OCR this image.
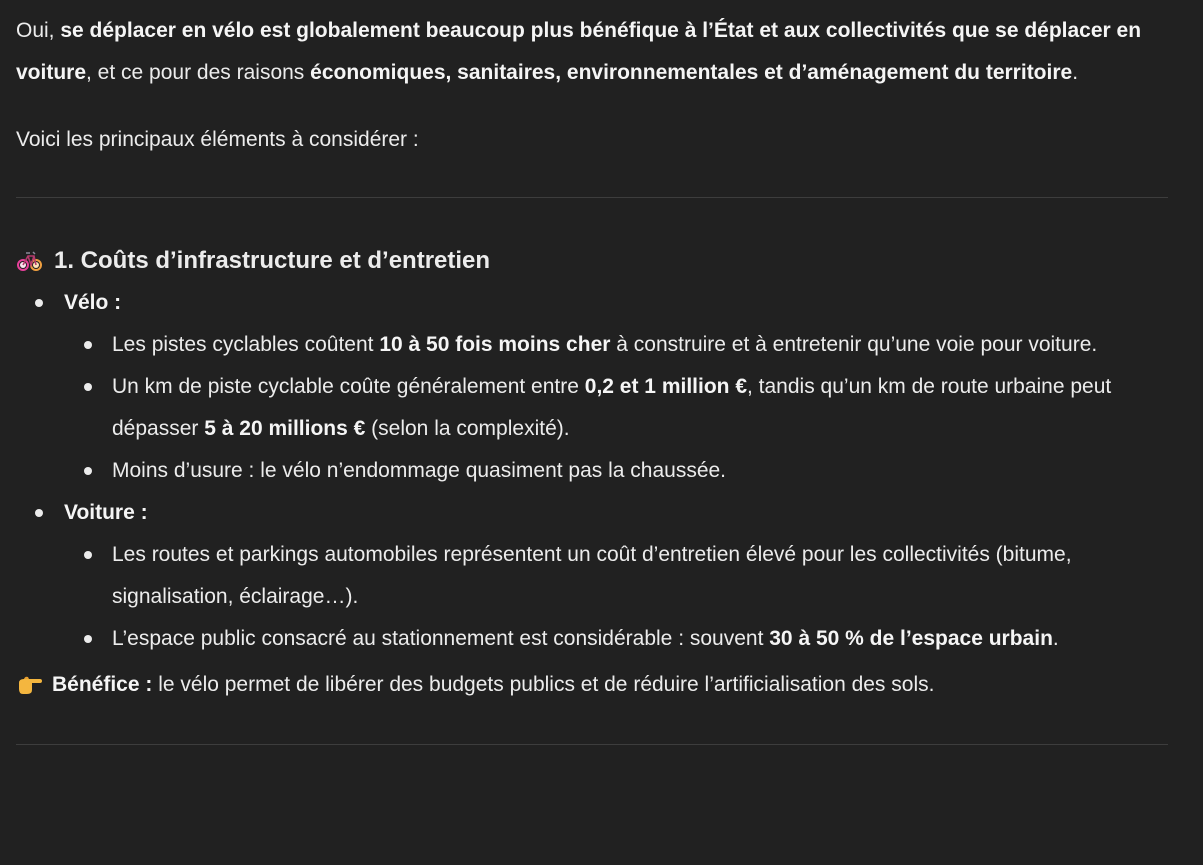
Oui, se déplacer en vélo est globalement beaucoup plus bénéfique à l’État et aux collectivités que se déplacer en voiture, et ce pour des raisons économiques, sanitaires, environnementales et d’aménagement du territoire.

Voici les principaux éléments à considérer :

1. Coûts d’infrastructure et d’entretien
Vélo :
Les pistes cyclables coûtent 10 à 50 fois moins cher à construire et à entretenir qu’une voie pour voiture.
Un km de piste cyclable coûte généralement entre 0,2 et 1 million €, tandis qu’un km de route urbaine peut dépasser 5 à 20 millions € (selon la complexité).
Moins d’usure : le vélo n’endommage quasiment pas la chaussée.
Voiture :
Les routes et parkings automobiles représentent un coût d’entretien élevé pour les collectivités (bitume, signalisation, éclairage…).
L’espace public consacré au stationnement est considérable : souvent 30 à 50 % de l’espace urbain.

Bénéfice : le vélo permet de libérer des budgets publics et de réduire l’artificialisation des sols.
